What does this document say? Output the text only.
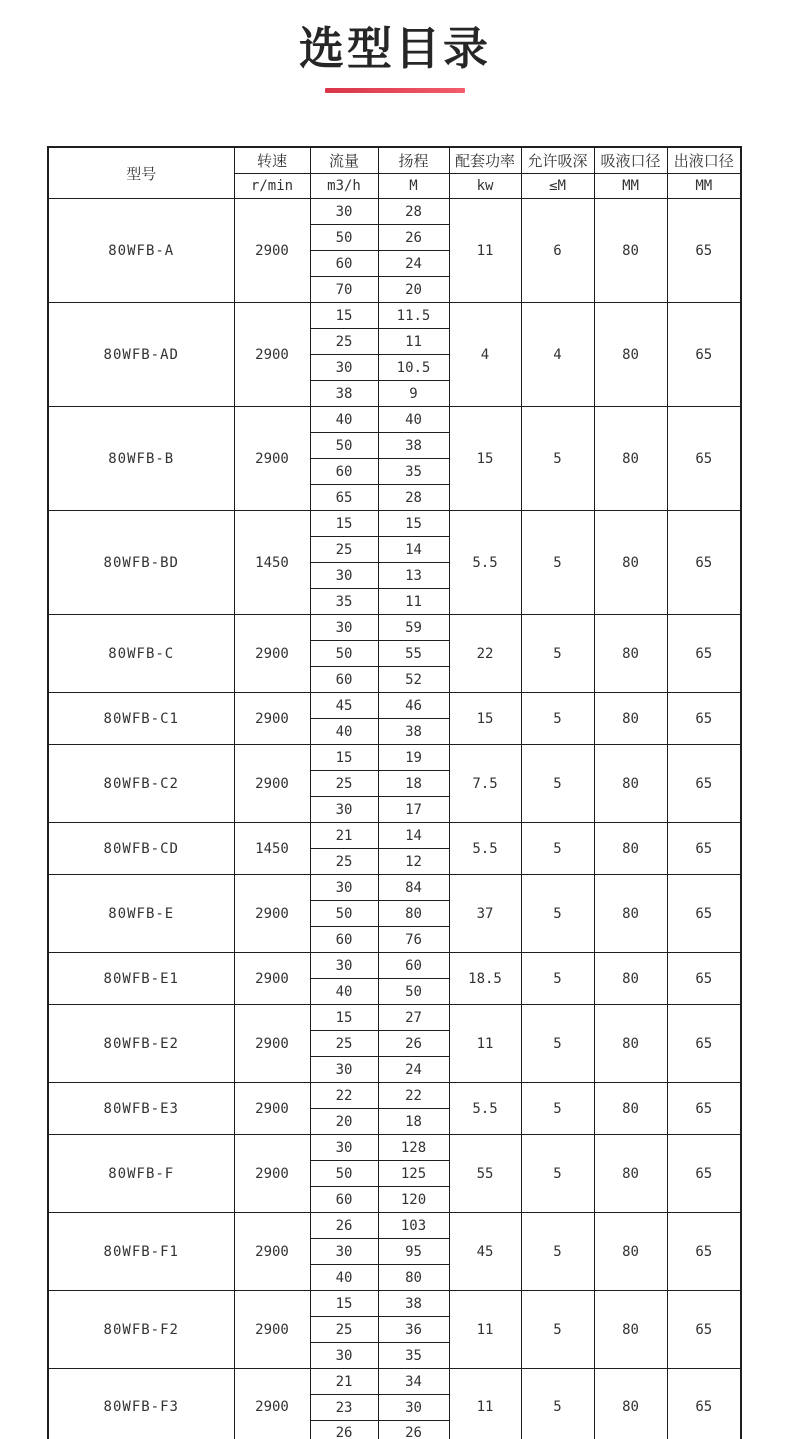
选型目录
型号	转速	流量	扬程	配套功率	允许吸深	吸液口径	出液口径
	r/min	m3/h	M	kw	≤M	MM	MM
80WFB-A	2900	30	28	11	6	80	65
		50	26				
		60	24				
		70	20				
80WFB-AD	2900	15	11.5	4	4	80	65
		25	11				
		30	10.5				
		38	9				
80WFB-B	2900	40	40	15	5	80	65
		50	38				
		60	35				
		65	28				
80WFB-BD	1450	15	15	5.5	5	80	65
		25	14				
		30	13				
		35	11				
80WFB-C	2900	30	59	22	5	80	65
		50	55				
		60	52				
80WFB-C1	2900	45	46	15	5	80	65
		40	38				
80WFB-C2	2900	15	19	7.5	5	80	65
		25	18				
		30	17				
80WFB-CD	1450	21	14	5.5	5	80	65
		25	12				
80WFB-E	2900	30	84	37	5	80	65
		50	80				
		60	76				
80WFB-E1	2900	30	60	18.5	5	80	65
		40	50				
80WFB-E2	2900	15	27	11	5	80	65
		25	26				
		30	24				
80WFB-E3	2900	22	22	5.5	5	80	65
		20	18				
80WFB-F	2900	30	128	55	5	80	65
		50	125				
		60	120				
80WFB-F1	2900	26	103	45	5	80	65
		30	95				
		40	80				
80WFB-F2	2900	15	38	11	5	80	65
		25	36				
		30	35				
80WFB-F3	2900	21	34	11	5	80	65
		23	30				
		26	26				
